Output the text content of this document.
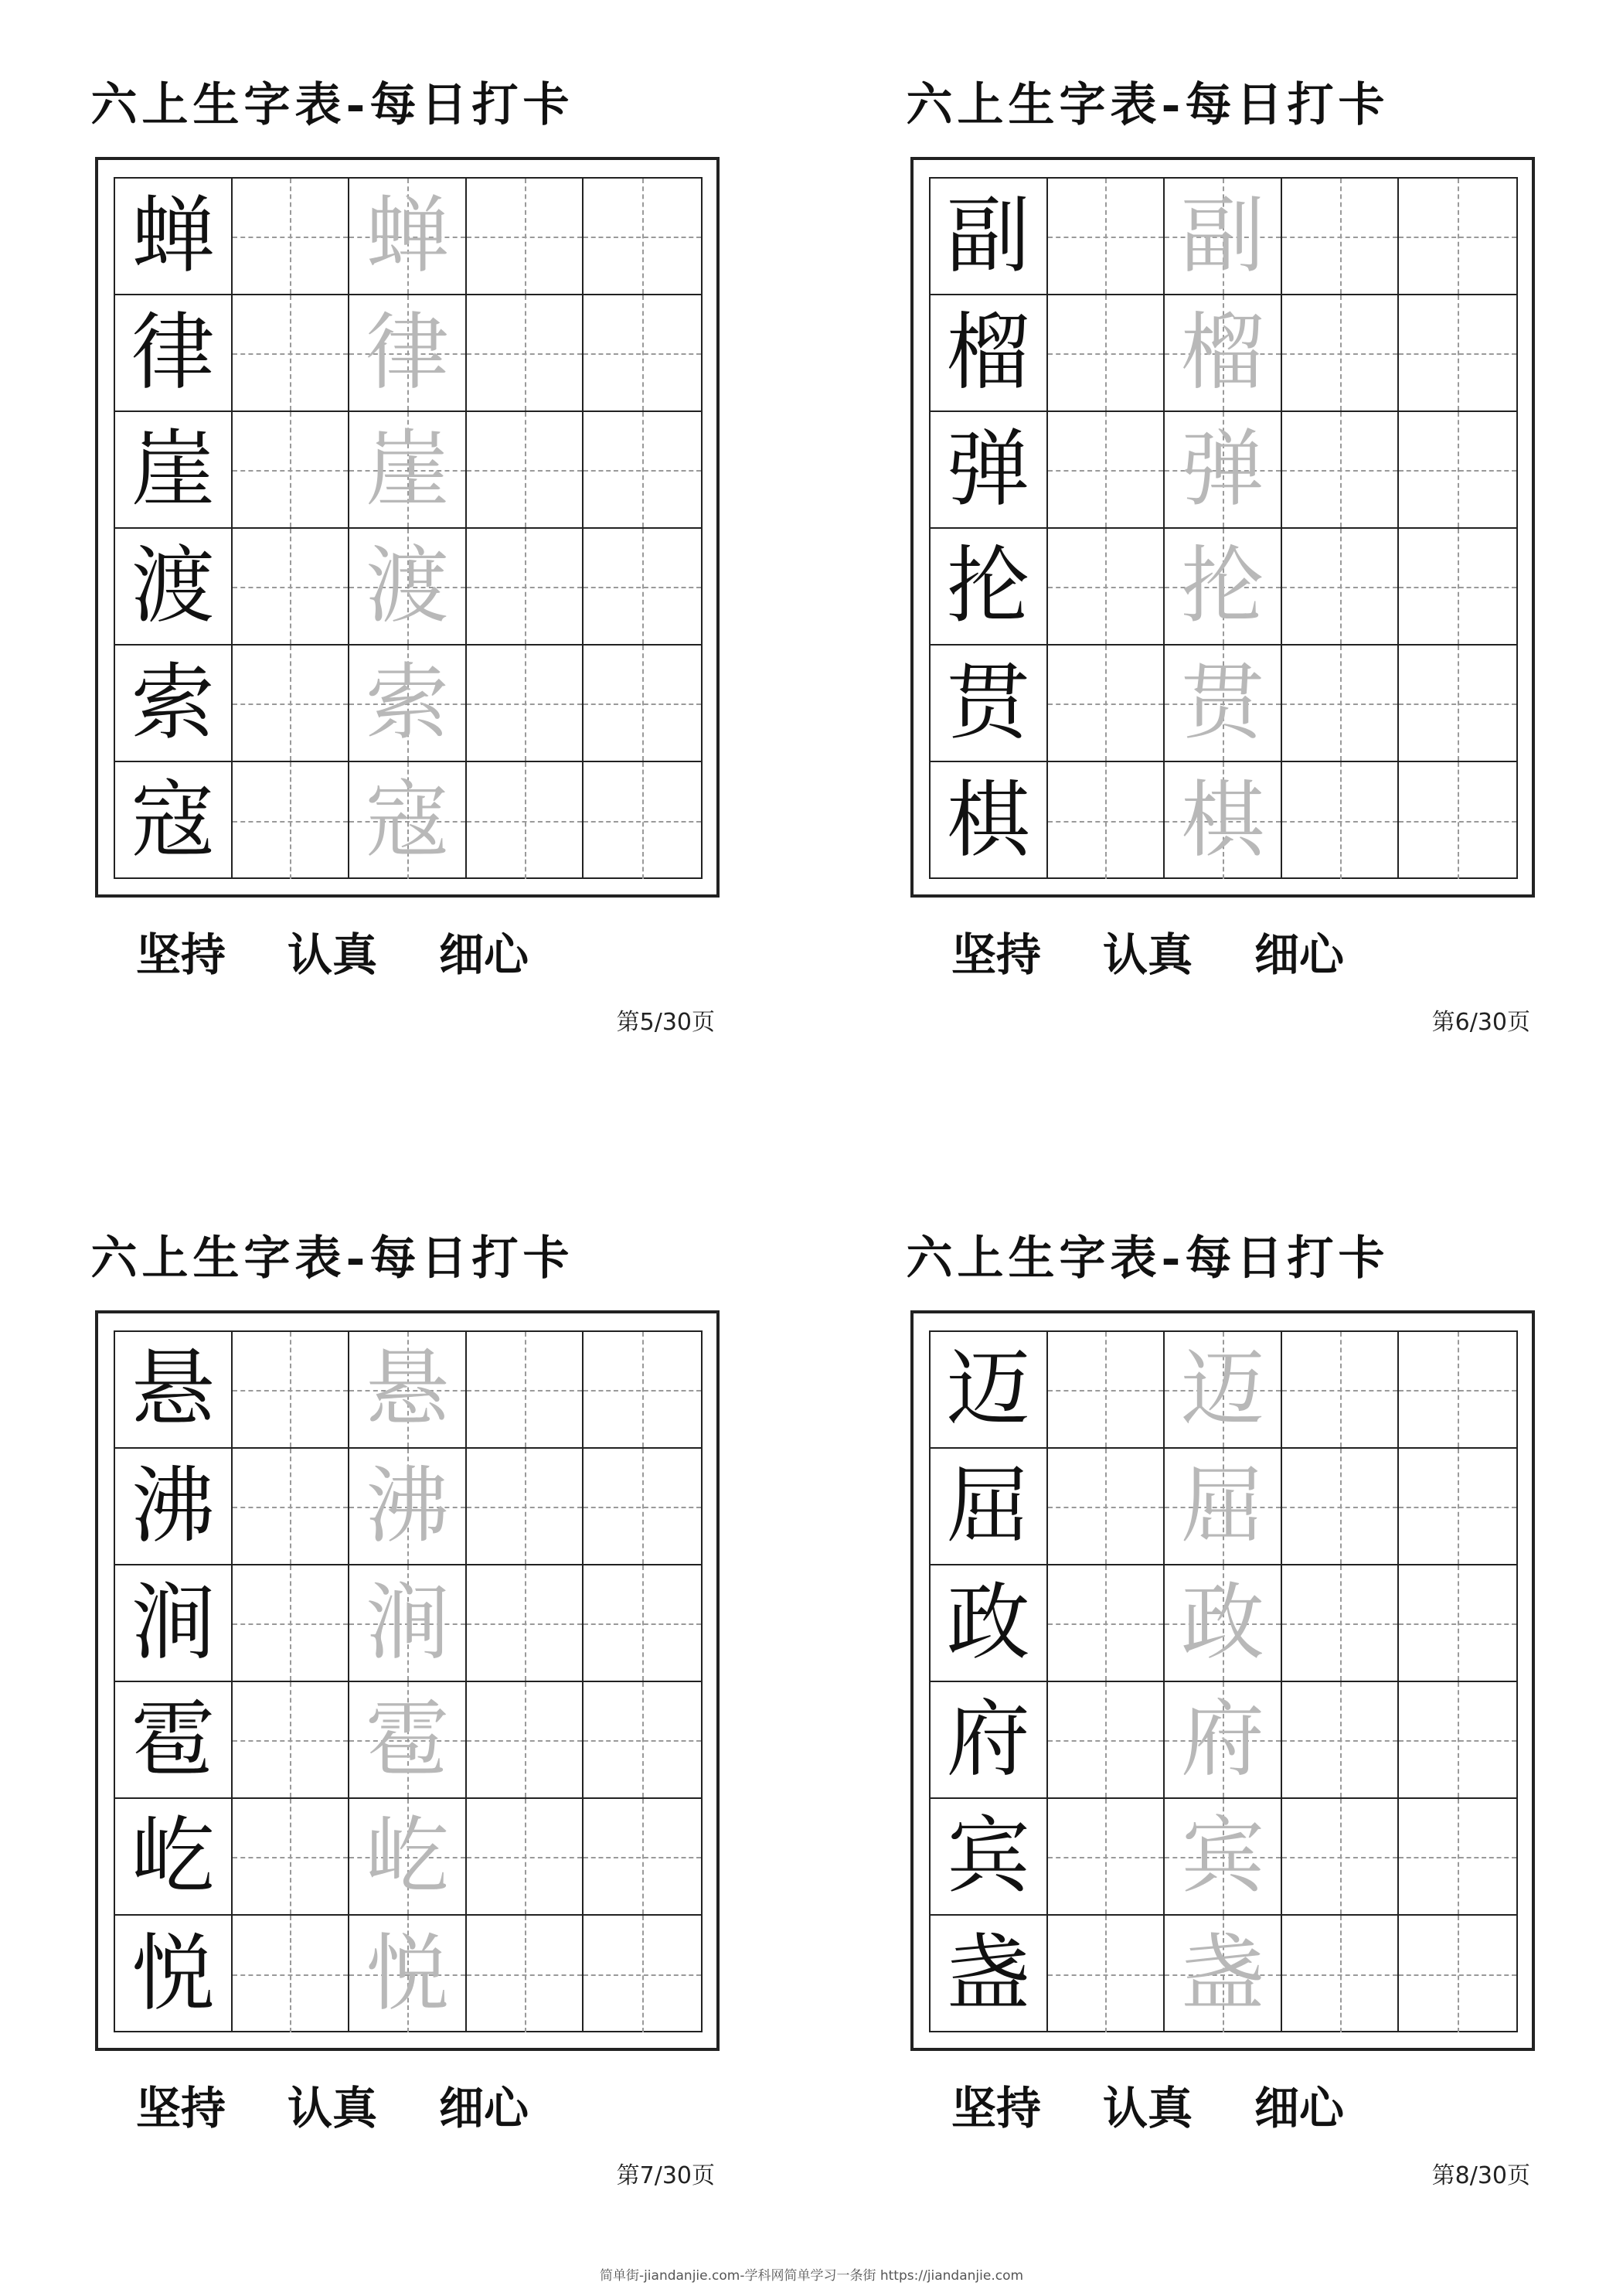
六上生字表-每日打卡
蝉 蝉
律 律
崖 崖
渡 渡
索 索
寇 寇
坚持 认真 细心
第5/30页
六上生字表-每日打卡
副 副
榴 榴
弹 弹
抡 抡
贯 贯
棋 棋
坚持 认真 细心
第6/30页
六上生字表-每日打卡
悬 悬
沸 沸
涧 涧
雹 雹
屹 屹
悦 悦
坚持 认真 细心
第7/30页
六上生字表-每日打卡
迈 迈
屈 屈
政 政
府 府
宾 宾
盏 盏
坚持 认真 细心
第8/30页
简单街-jiandanjie.com-学科网简单学习一条街 https://jiandanjie.com
